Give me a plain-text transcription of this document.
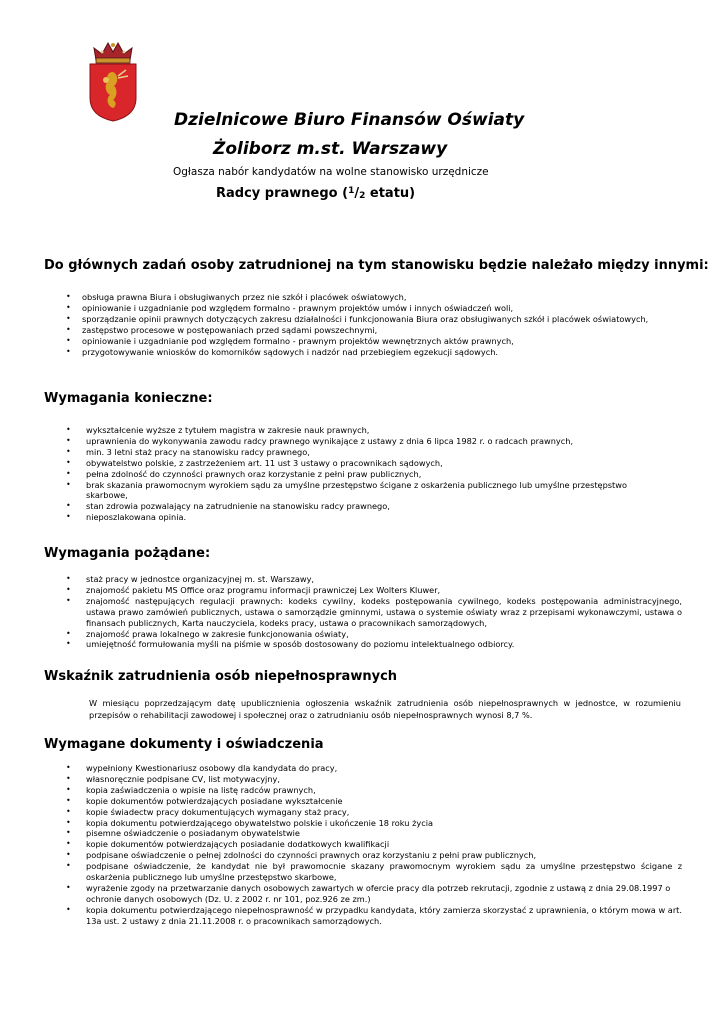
Dzielnicowe Biuro Finansów Oświaty
Żoliborz m.st. Warszawy
Ogłasza nabór kandydatów na wolne stanowisko urzędnicze
Radcy prawnego ($^1$/2 etatu)
Do głównych zadań osoby zatrudnionej na tym stanowisku będzie należało między innymi:
• obsługa prawna Biura i obsługiwanych przez nie szkół i placówek oświatowych,
• opiniowanie i uzgadnianie pod względem formalno - prawnym projektów umów i innych oświadczeń woli,
• sporządzanie opinii prawnych dotyczących zakresu działalności i funkcjonowania Biura oraz obsługiwanych szkół i placówek oświatowych,
• zastępstwo procesowe w postępowaniach przed sądami powszechnymi,
• opiniowanie i uzgadnianie pod względem formalno - prawnym projektów wewnętrznych aktów prawnych,
• przygotowywanie wniosków do komorników sądowych i nadzór nad przebiegiem egzekucji sądowych.
Wymagania konieczne:
• wykształcenie wyższe z tytułem magistra w zakresie nauk prawnych,
• uprawnienia do wykonywania zawodu radcy prawnego wynikające z ustawy z dnia 6 lipca 1982 r. o radcach prawnych,
• min. 3 letni staż pracy na stanowisku radcy prawnego,
• obywatelstwo polskie, z zastrzeżeniem art. 11 ust 3 ustawy o pracownikach sądowych,
• pełna zdolność do czynności prawnych oraz korzystanie z pełni praw publicznych,
• brak skazania prawomocnym wyrokiem sądu za umyślne przestępstwo ścigane z oskarżenia publicznego lub umyślne przestępstwo skarbowe,
• stan zdrowia pozwalający na zatrudnienie na stanowisku radcy prawnego,
• nieposzlakowana opinia.
Wymagania pożądane:
• staż pracy w jednostce organizacyjnej m. st. Warszawy,
• znajomość pakietu MS Office oraz programu informacji prawniczej Lex Wolters Kluwer,
• znajomość następujących regulacji prawnych: kodeks cywilny, kodeks postępowania cywilnego, kodeks postępowania administracyjnego, ustawa prawo zamówień publicznych, ustawa o samorządzie gminnymi, ustawa o systemie oświaty wraz z przepisami wykonawczymi, ustawa o finansach publicznych, Karta nauczyciela, kodeks pracy, ustawa o pracownikach samorządowych,
• znajomość prawa lokalnego w zakresie funkcjonowania oświaty,
• umiejętność formułowania myśli na piśmie w sposób dostosowany do poziomu intelektualnego odbiorcy.
Wskaźnik zatrudnienia osób niepełnosprawnych
W miesiącu poprzedzającym datę upublicznienia ogłoszenia wskaźnik zatrudnienia osób niepełnosprawnych w jednostce, w rozumieniu przepisów o rehabilitacji zawodowej i społecznej oraz o zatrudnianiu osób niepełnosprawnych wynosi 8,7 %.
Wymagane dokumenty i oświadczenia
• wypełniony Kwestionariusz osobowy dla kandydata do pracy,
• własnoręcznie podpisane CV, list motywacyjny,
• kopia zaświadczenia o wpisie na listę radców prawnych,
• kopie dokumentów potwierdzających posiadane wykształcenie
• kopie świadectw pracy dokumentujących wymagany staż pracy,
• kopia dokumentu potwierdzającego obywatelstwo polskie i ukończenie 18 roku życia
• pisemne oświadczenie o posiadanym obywatelstwie
• kopie dokumentów potwierdzających posiadanie dodatkowych kwalifikacji
• podpisane oświadczenie o pełnej zdolności do czynności prawnych oraz korzystaniu z pełni praw publicznych,
• podpisane oświadczenie, że kandydat nie był prawomocnie skazany prawomocnym wyrokiem sądu za umyślne przestępstwo ścigane z oskarżenia publicznego lub umyślne przestępstwo skarbowe,
• wyrażenie zgody na przetwarzanie danych osobowych zawartych w ofercie pracy dla potrzeb rekrutacji, zgodnie z ustawą z dnia 29.08.1997 o ochronie danych osobowych (Dz. U. z 2002 r. nr 101, poz.926 ze zm.)
• kopia dokumentu potwierdzającego niepełnosprawność w przypadku kandydata, który zamierza skorzystać z uprawnienia, o którym mowa w art. 13a ust. 2 ustawy z dnia 21.11.2008 r. o pracownikach samorządowych.
